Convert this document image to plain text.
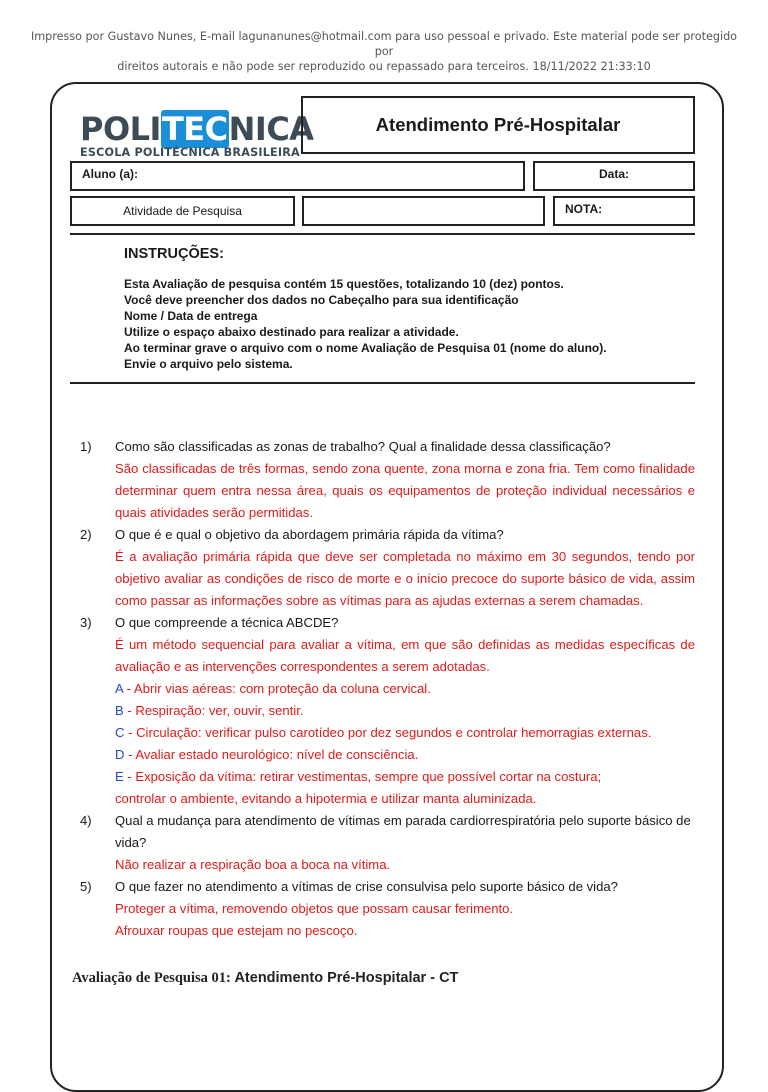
Impresso por Gustavo Nunes, E-mail lagunanunes@hotmail.com para uso pessoal e privado. Este material pode ser protegido por
direitos autorais e não pode ser reproduzido ou repassado para terceiros. 18/11/2022 21:33:10
POLITECNICA
ESCOLA POLITÉCNICA BRASILEIRA
Atendimento Pré-Hospitalar
Aluno (a):	Data:
Atividade de Pesquisa	NOTA:
INSTRUÇÕES:
Esta Avaliação de pesquisa contém 15 questões, totalizando 10 (dez) pontos.
Você deve preencher dos dados no Cabeçalho para sua identificação
Nome / Data de entrega
Utilize o espaço abaixo destinado para realizar a atividade.
Ao terminar grave o arquivo com o nome Avaliação de Pesquisa 01 (nome do aluno).
Envie o arquivo pelo sistema.
1)	Como são classificadas as zonas de trabalho? Qual a finalidade dessa classificação?
São classificadas de três formas, sendo zona quente, zona morna e zona fria. Tem como finalidade determinar quem entra nessa área, quais os equipamentos de proteção individual necessários e quais atividades serão permitidas.
2)	O que é e qual o objetivo da abordagem primária rápida da vítima?
É a avaliação primária rápida que deve ser completada no máximo em 30 segundos, tendo por objetivo avaliar as condições de risco de morte e o início precoce do suporte básico de vida, assim como passar as informações sobre as vítimas para as ajudas externas a serem chamadas.
3)	O que compreende a técnica ABCDE?
É um método sequencial para avaliar a vítima, em que são definidas as medidas específicas de avaliação e as intervenções correspondentes a serem adotadas.
A - Abrir vias aéreas: com proteção da coluna cervical.
B - Respiração: ver, ouvir, sentir.
C - Circulação: verificar pulso carotídeo por dez segundos e controlar hemorragias externas.
D - Avaliar estado neurológico: nível de consciência.
E - Exposição da vítima: retirar vestimentas, sempre que possível cortar na costura;
controlar o ambiente, evitando a hipotermia e utilizar manta aluminizada.
4)	Qual a mudança para atendimento de vítimas em parada cardiorrespiratória pelo suporte básico de vida?
Não realizar a respiração boa a boca na vítima.
5)	O que fazer no atendimento a vítimas de crise consulvisa pelo suporte básico de vida?
Proteger a vítima, removendo objetos que possam causar ferimento.
Afrouxar roupas que estejam no pescoço.
Avaliação de Pesquisa 01: Atendimento Pré-Hospitalar - CT
